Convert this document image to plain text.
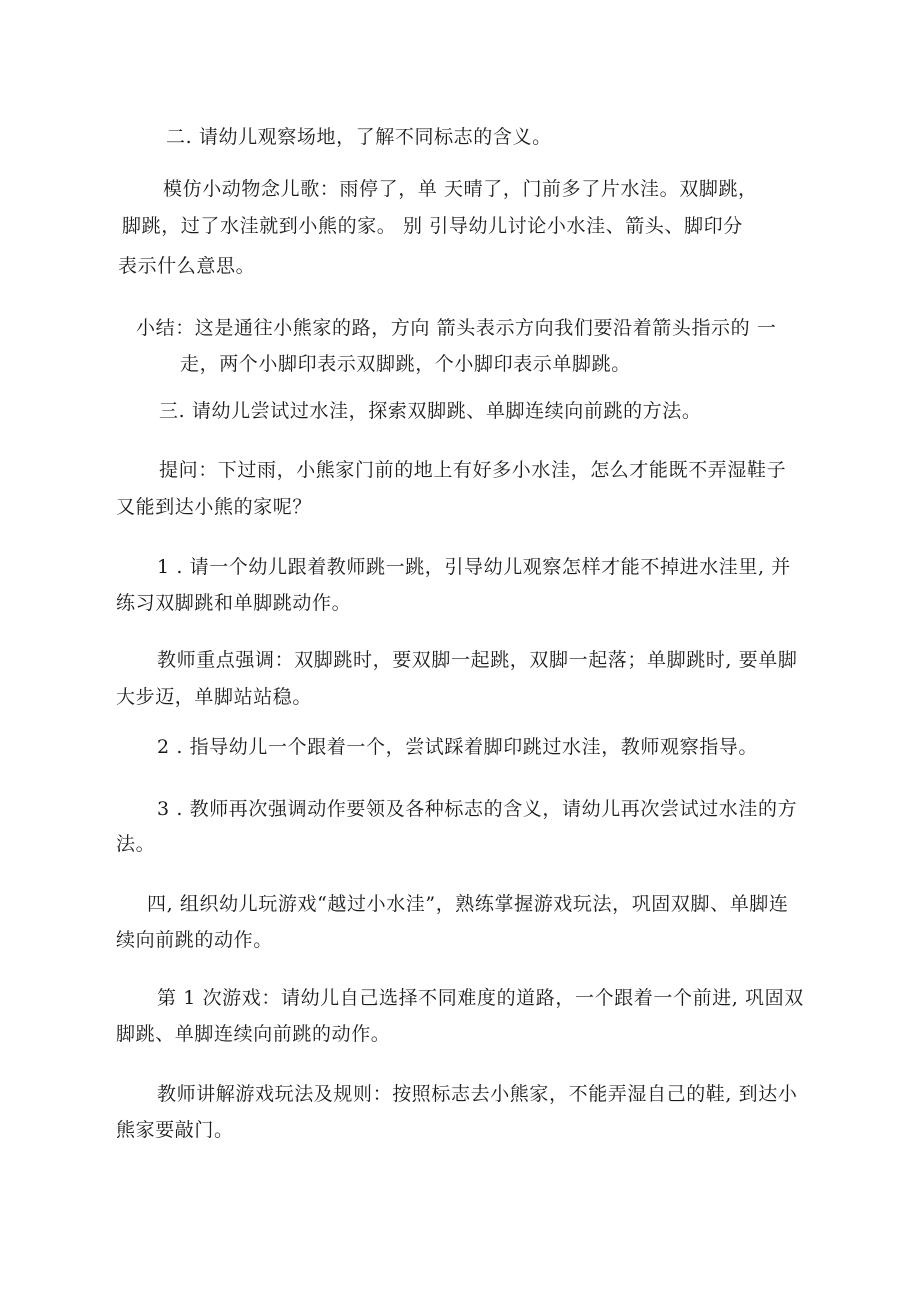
二. 请幼儿观察场地，了解不同标志的含义。
模仿小动物念儿歌：雨停了，单 天晴了，门前多了片水洼。双脚跳，
脚跳，过了水洼就到小熊的家。 别 引导幼儿讨论小水洼、箭头、脚印分
表示什么意思。
小结：这是通往小熊家的路，方向 箭头表示方向我们要沿着箭头指示的 一
走，两个小脚印表示双脚跳，个小脚印表示单脚跳。
三. 请幼儿尝试过水洼，探索双脚跳、单脚连续向前跳的方法。
提问：下过雨，小熊家门前的地上有好多小水洼，怎么才能既不弄湿鞋子
又能到达小熊的家呢？
1 . 请一个幼儿跟着教师跳一跳，引导幼儿观察怎样才能不掉进水洼里, 并
练习双脚跳和单脚跳动作。
教师重点强调：双脚跳时，要双脚一起跳，双脚一起落；单脚跳时, 要单脚
大步迈，单脚站站稳。
2 . 指导幼儿一个跟着一个，尝试踩着脚印跳过水洼，教师观察指导。
3 . 教师再次强调动作要领及各种标志的含义，请幼儿再次尝试过水洼的方
法。
四, 组织幼儿玩游戏“越过小水洼”，熟练掌握游戏玩法，巩固双脚、单脚连
续向前跳的动作。
第 1 次游戏：请幼儿自己选择不同难度的道路，一个跟着一个前进, 巩固双
脚跳、单脚连续向前跳的动作。
教师讲解游戏玩法及规则：按照标志去小熊家，不能弄湿自己的鞋, 到达小
熊家要敲门。
